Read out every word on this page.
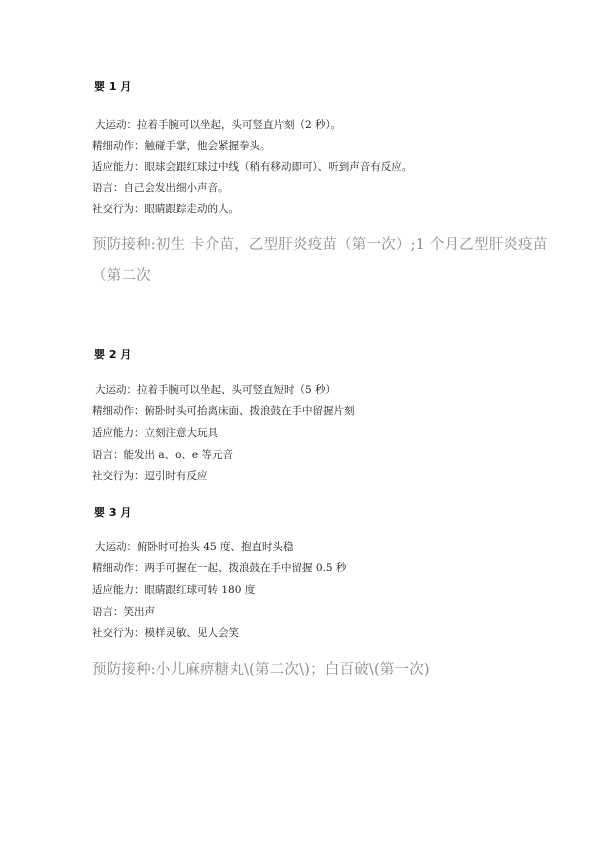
婴 1 月
大运动：拉着手腕可以坐起，头可竖直片刻（2 秒）。
精细动作：触碰手掌，他会紧握拳头。
适应能力：眼球会跟红球过中线（稍有移动即可）、听到声音有反应。
语言：自己会发出细小声音。
社交行为：眼睛跟踪走动的人。
预防接种:初生 卡介苗，乙型肝炎疫苗（第一次）;1 个月乙型肝炎疫苗
（第二次
婴 2 月
大运动：拉着手腕可以坐起、头可竖直短时（5 秒）
精细动作：俯卧时头可抬离床面、拨浪鼓在手中留握片刻
适应能力：立刻注意大玩具
语言：能发出 a、o、e 等元音
社交行为：逗引时有反应
婴 3 月
大运动：俯卧时可抬头 45 度、抱直时头稳
精细动作：两手可握在一起、拨浪鼓在手中留握 0.5 秒
适应能力：眼睛跟红球可转 180 度
语言：笑出声
社交行为：模样灵敏、见人会笑
预防接种:小儿麻痹糖丸\(第二次\)；白百破\(第一次)
